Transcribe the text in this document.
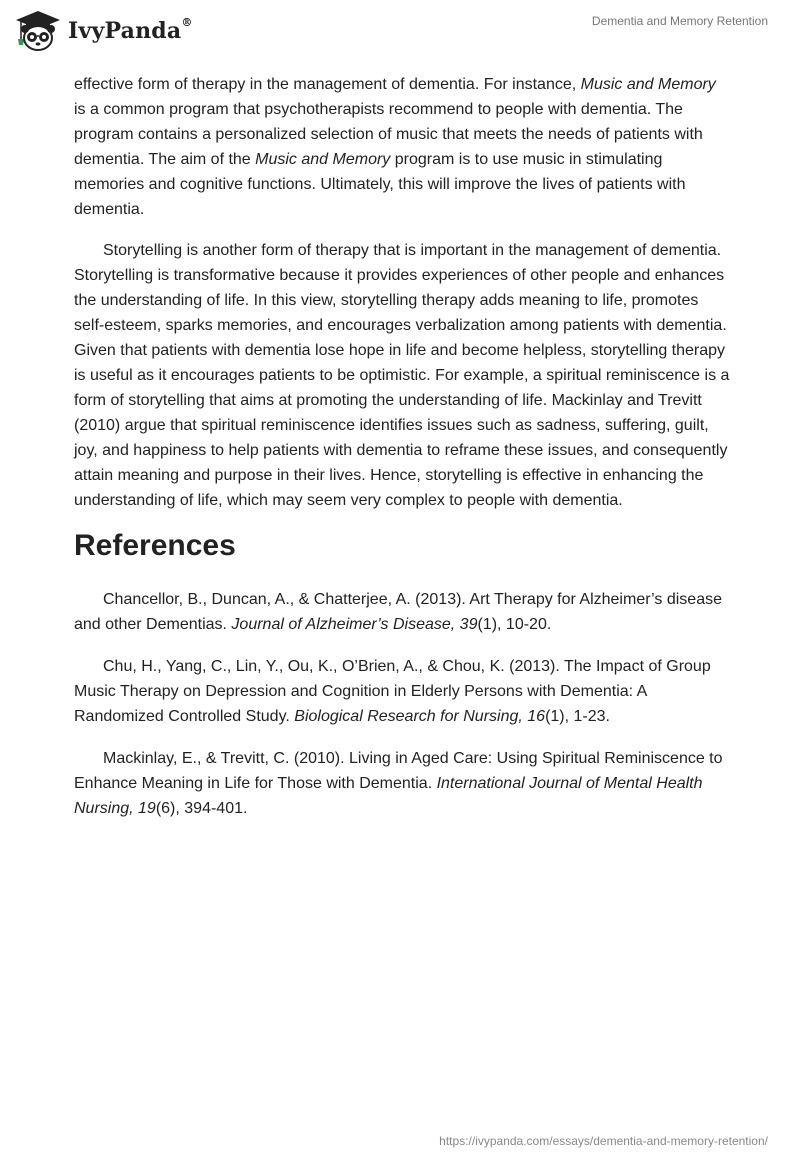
IvyPanda®	Dementia and Memory Retention

effective form of therapy in the management of dementia. For instance, Music and Memory is a common program that psychotherapists recommend to people with dementia. The program contains a personalized selection of music that meets the needs of patients with dementia. The aim of the Music and Memory program is to use music in stimulating memories and cognitive functions. Ultimately, this will improve the lives of patients with dementia.

Storytelling is another form of therapy that is important in the management of dementia. Storytelling is transformative because it provides experiences of other people and enhances the understanding of life. In this view, storytelling therapy adds meaning to life, promotes self-esteem, sparks memories, and encourages verbalization among patients with dementia. Given that patients with dementia lose hope in life and become helpless, storytelling therapy is useful as it encourages patients to be optimistic. For example, a spiritual reminiscence is a form of storytelling that aims at promoting the understanding of life. Mackinlay and Trevitt (2010) argue that spiritual reminiscence identifies issues such as sadness, suffering, guilt, joy, and happiness to help patients with dementia to reframe these issues, and consequently attain meaning and purpose in their lives. Hence, storytelling is effective in enhancing the understanding of life, which may seem very complex to people with dementia.

References

Chancellor, B., Duncan, A., & Chatterjee, A. (2013). Art Therapy for Alzheimer’s disease and other Dementias. Journal of Alzheimer’s Disease, 39(1), 10-20.

Chu, H., Yang, C., Lin, Y., Ou, K., O’Brien, A., & Chou, K. (2013). The Impact of Group Music Therapy on Depression and Cognition in Elderly Persons with Dementia: A Randomized Controlled Study. Biological Research for Nursing, 16(1), 1-23.

Mackinlay, E., & Trevitt, C. (2010). Living in Aged Care: Using Spiritual Reminiscence to Enhance Meaning in Life for Those with Dementia. International Journal of Mental Health Nursing, 19(6), 394-401.

https://ivypanda.com/essays/dementia-and-memory-retention/
